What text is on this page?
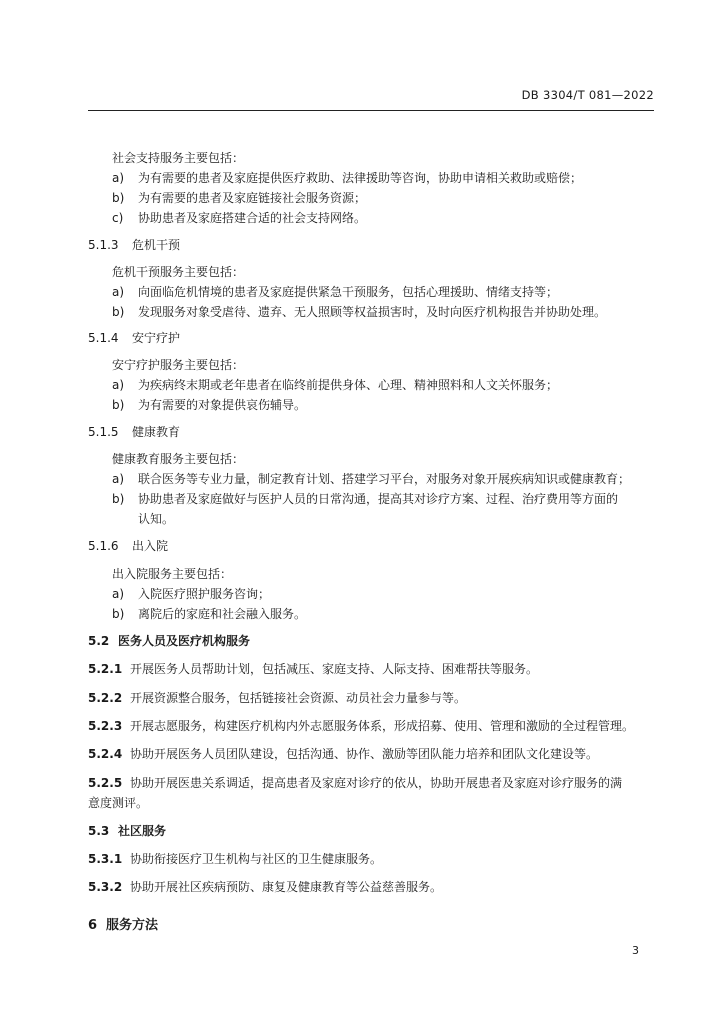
DB 3304/T 081—2022
社会支持服务主要包括：
a) 为有需要的患者及家庭提供医疗救助、法律援助等咨询，协助申请相关救助或赔偿；
b) 为有需要的患者及家庭链接社会服务资源；
c) 协助患者及家庭搭建合适的社会支持网络。
5.1.3 危机干预
危机干预服务主要包括：
a) 向面临危机情境的患者及家庭提供紧急干预服务，包括心理援助、情绪支持等；
b) 发现服务对象受虐待、遗弃、无人照顾等权益损害时，及时向医疗机构报告并协助处理。
5.1.4 安宁疗护
安宁疗护服务主要包括：
a) 为疾病终末期或老年患者在临终前提供身体、心理、精神照料和人文关怀服务；
b) 为有需要的对象提供哀伤辅导。
5.1.5 健康教育
健康教育服务主要包括：
a) 联合医务等专业力量，制定教育计划、搭建学习平台，对服务对象开展疾病知识或健康教育；
b) 协助患者及家庭做好与医护人员的日常沟通，提高其对诊疗方案、过程、治疗费用等方面的
认知。
5.1.6 出入院
出入院服务主要包括：
a) 入院医疗照护服务咨询；
b) 离院后的家庭和社会融入服务。
5.2 医务人员及医疗机构服务
5.2.1 开展医务人员帮助计划，包括减压、家庭支持、人际支持、困难帮扶等服务。
5.2.2 开展资源整合服务，包括链接社会资源、动员社会力量参与等。
5.2.3 开展志愿服务，构建医疗机构内外志愿服务体系，形成招募、使用、管理和激励的全过程管理。
5.2.4 协助开展医务人员团队建设，包括沟通、协作、激励等团队能力培养和团队文化建设等。
5.2.5 协助开展医患关系调适，提高患者及家庭对诊疗的依从，协助开展患者及家庭对诊疗服务的满
意度测评。
5.3 社区服务
5.3.1 协助衔接医疗卫生机构与社区的卫生健康服务。
5.3.2 协助开展社区疾病预防、康复及健康教育等公益慈善服务。
6 服务方法
3
